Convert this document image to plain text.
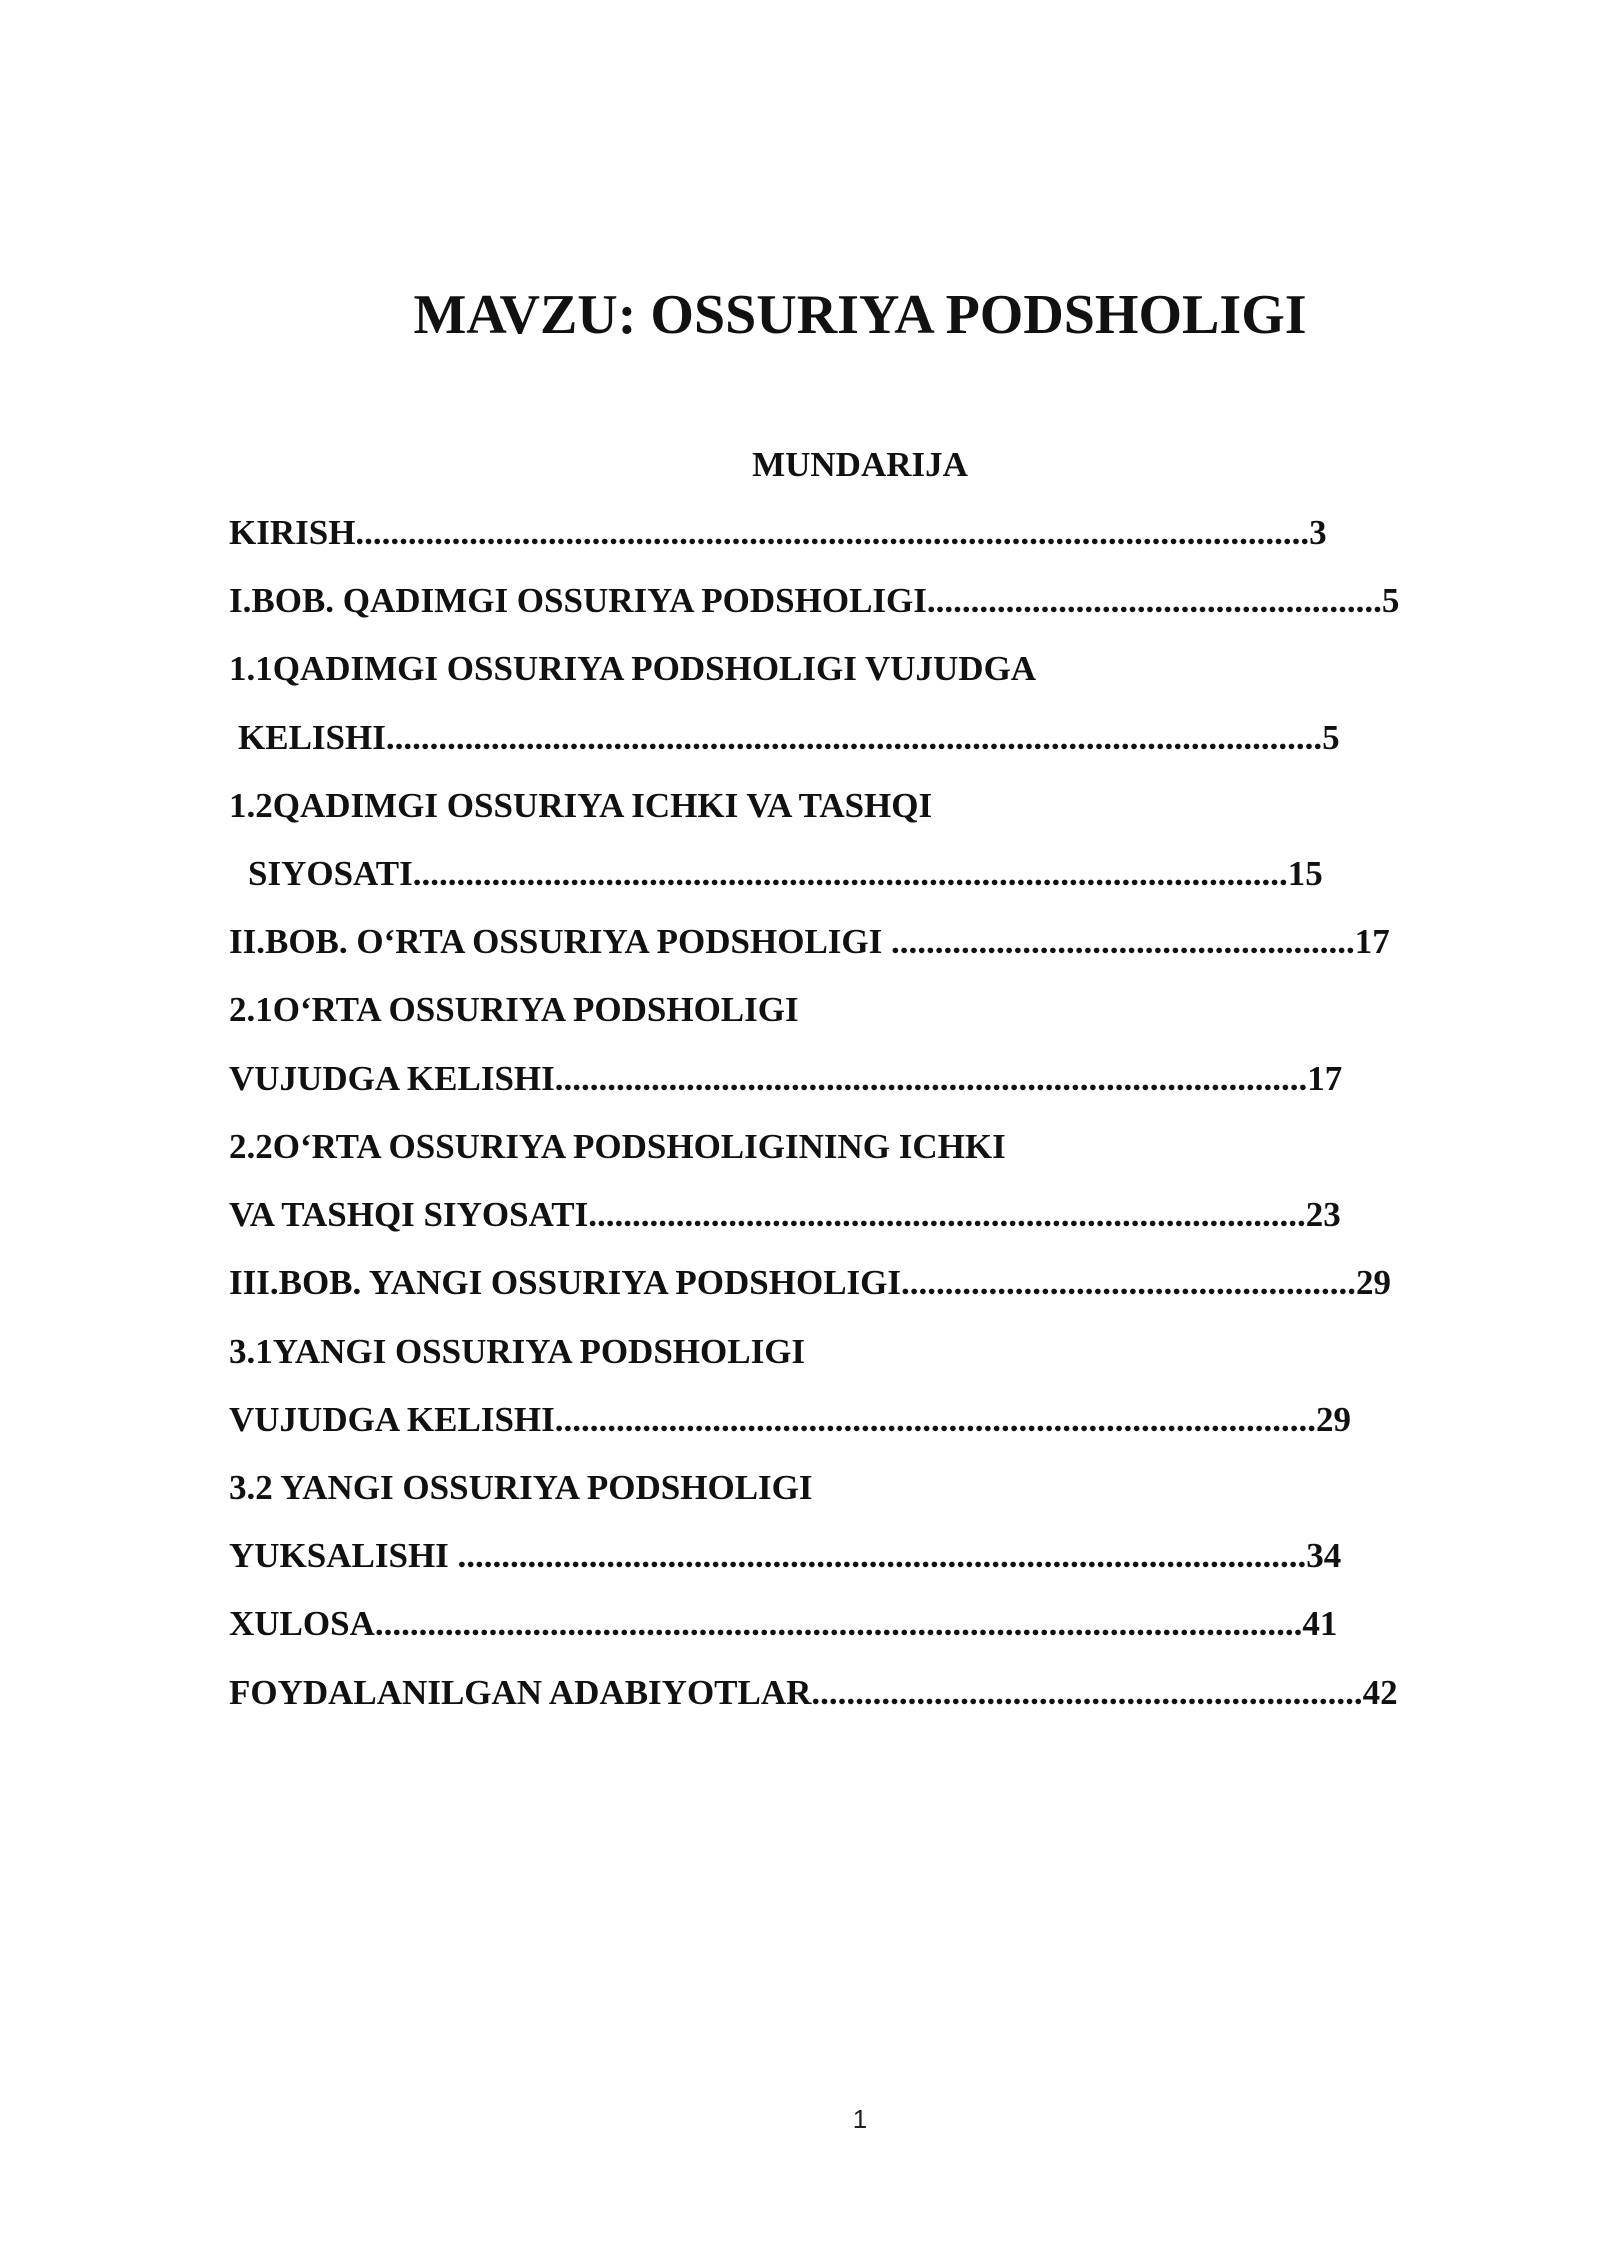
MAVZU: OSSURIYA PODSHOLIGI
MUNDARIJA
KIRISH.............................................................................................................3
I.BOB. QADIMGI OSSURIYA PODSHOLIGI....................................................5
1.1QADIMGI OSSURIYA PODSHOLIGI VUJUDGA
KELISHI...........................................................................................................5
1.2QADIMGI OSSURIYA ICHKI VA TASHQI
SIYOSATI....................................................................................................15
II.BOB. O‘RTA OSSURIYA PODSHOLIGI .....................................................17
2.1O‘RTA OSSURIYA PODSHOLIGI
VUJUDGA KELISHI......................................................................................17
2.2O‘RTA OSSURIYA PODSHOLIGINING ICHKI
VA TASHQI SIYOSATI..................................................................................23
III.BOB. YANGI OSSURIYA PODSHOLIGI....................................................29
3.1YANGI OSSURIYA PODSHOLIGI
VUJUDGA KELISHI.......................................................................................29
3.2 YANGI OSSURIYA PODSHOLIGI
YUKSALISHI .................................................................................................34
XULOSA..........................................................................................................41
FOYDALANILGAN ADABIYOTLAR...............................................................42
1
